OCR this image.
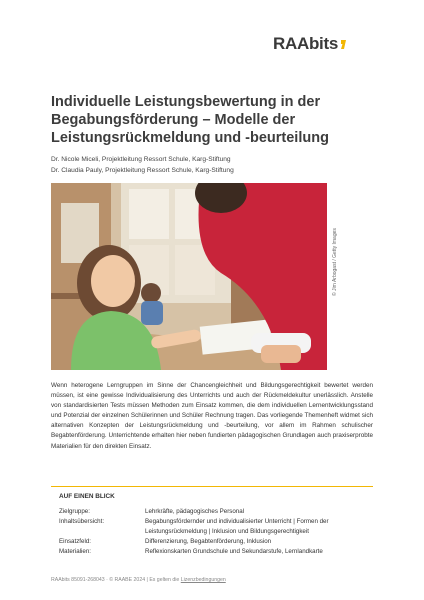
RAAbits
Individuelle Leistungsbewertung in der Begabungsförderung – Modelle der Leistungsrückmeldung und -beurteilung
Dr. Nicole Miceli, Projektleitung Ressort Schule, Karg-Stiftung
Dr. Claudia Pauly, Projektleitung Ressort Schule, Karg-Stiftung
© Jim Arbogast / Getty Images

Wenn heterogene Lerngruppen im Sinne der Chancengleichheit und Bildungsgerechtigkeit bewertet werden müssen, ist eine gewisse Individualisierung des Unterrichts und auch der Rückmeldekultur unerlässlich. Anstelle von standardisierten Tests müssen Methoden zum Einsatz kommen, die dem individuellen Lernentwicklungsstand und Potenzial der einzelnen Schülerinnen und Schüler Rechnung tragen. Das vorliegende Themenheft widmet sich alternativen Konzepten der Leistungsrückmeldung und -beurteilung, vor allem im Rahmen schulischer Begabtenförderung. Unterrichtende erhalten hier neben fundierten pädagogischen Grundlagen auch praxiserprobte Materialien für den direkten Einsatz.

AUF EINEN BLICK
Zielgruppe:	Lehrkräfte, pädagogisches Personal
Inhaltsübersicht:	Begabungsfördernder und individualisierter Unterricht | Formen der Leistungsrückmeldung | Inklusion und Bildungsgerechtigkeit
Einsatzfeld:	Differenzierung, Begabtenförderung, Inklusion
Materialien:	Reflexionskarten Grundschule und Sekundarstufe, Lernlandkarte
RAAbits 85091-268043 · © RAABE 2024 | Es gelten die Lizenzbedingungen
